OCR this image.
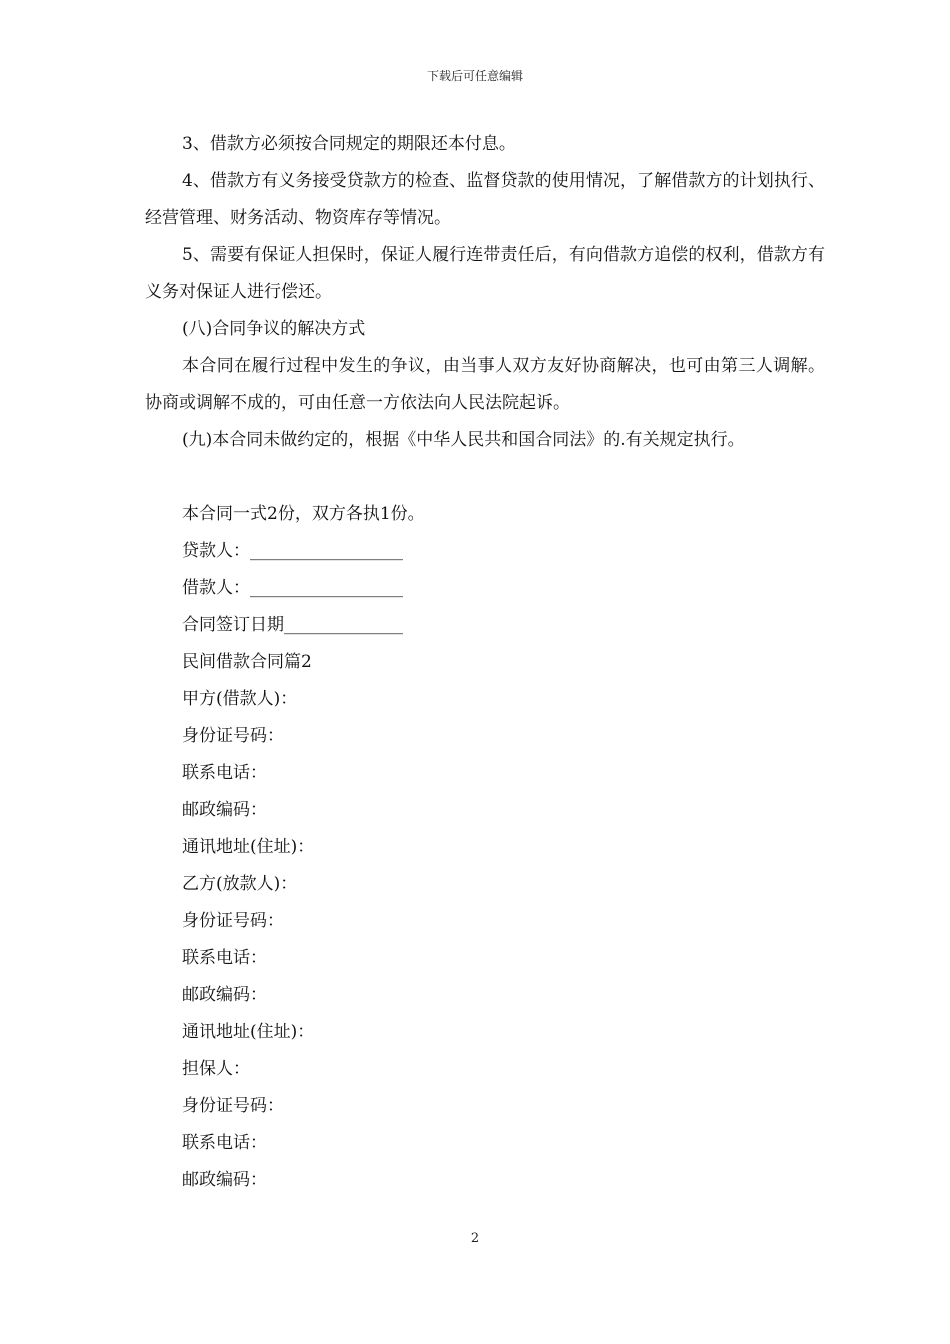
下载后可任意编辑

3、借款方必须按合同规定的期限还本付息。

4、借款方有义务接受贷款方的检查、监督贷款的使用情况，了解借款方的计划执行、经营管理、财务活动、物资库存等情况。

5、需要有保证人担保时，保证人履行连带责任后，有向借款方追偿的权利，借款方有义务对保证人进行偿还。

(八)合同争议的解决方式

本合同在履行过程中发生的争议，由当事人双方友好协商解决，也可由第三人调解。协商或调解不成的，可由任意一方依法向人民法院起诉。

(九)本合同未做约定的，根据《中华人民共和国合同法》的.有关规定执行。

本合同一式2份，双方各执1份。

贷款人：__________________

借款人：__________________

合同签订日期______________

民间借款合同篇2

甲方(借款人)：

身份证号码：

联系电话：

邮政编码：

通讯地址(住址)：

乙方(放款人)：

身份证号码：

联系电话：

邮政编码：

通讯地址(住址)：

担保人：

身份证号码：

联系电话：

邮政编码：

2
